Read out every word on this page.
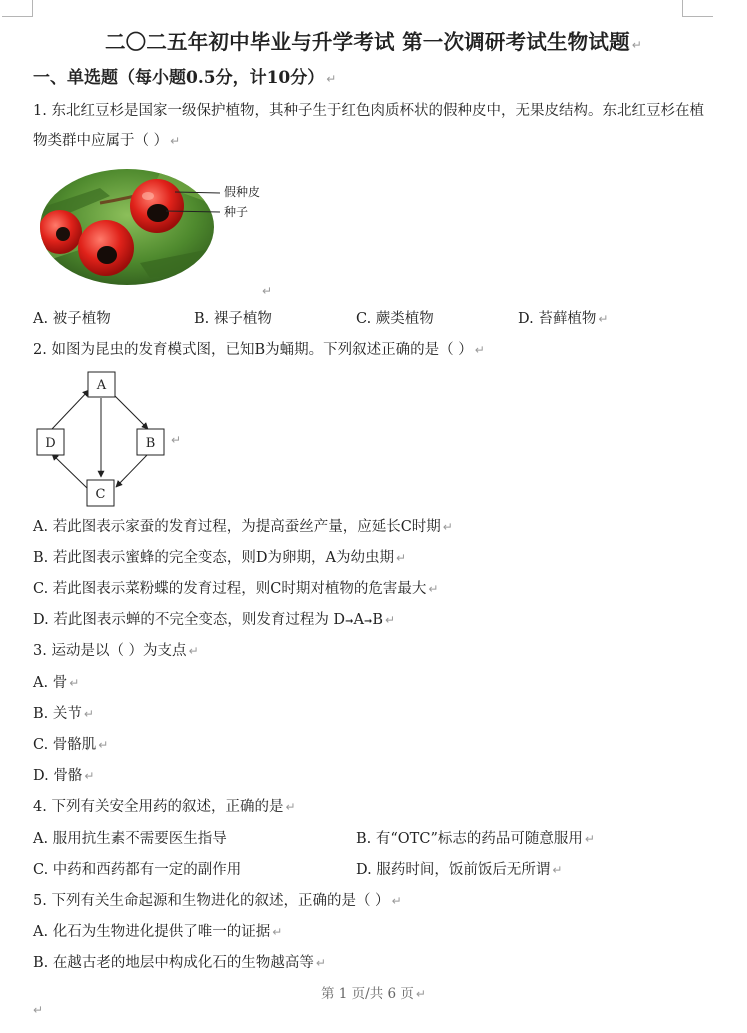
二〇二五年初中毕业与升学考试 第一次调研考试生物试题 ↵
一、单选题（每小题0.5分，计10分） ↵
1. 东北红豆杉是国家一级保护植物，其种子生于红色肉质杯状的假种皮中，无果皮结构。东北红豆杉在植
物类群中应属于（ ） ↵
假种皮
种子
↵
A. 被子植物	B. 裸子植物	C. 蕨类植物	D. 苔藓植物 ↵
2. 如图为昆虫的发育模式图，已知B为蛹期。下列叙述正确的是（ ） ↵
A
B
C
D	↵
A. 若此图表示家蚕的发育过程，为提高蚕丝产量，应延长C时期 ↵
B. 若此图表示蜜蜂的完全变态，则D为卵期，A为幼虫期 ↵
C. 若此图表示菜粉蝶的发育过程，则C时期对植物的危害最大 ↵
D. 若此图表示蝉的不完全变态，则发育过程为 D➞A➞B ↵
3. 运动是以（ ）为支点 ↵
A. 骨 ↵
B. 关节 ↵
C. 骨骼肌 ↵
D. 骨骼 ↵
4. 下列有关安全用药的叙述，正确的是 ↵
A. 服用抗生素不需要医生指导	B. 有“OTC”标志的药品可随意服用 ↵
C. 中药和西药都有一定的副作用	D. 服药时间，饭前饭后无所谓 ↵
5. 下列有关生命起源和生物进化的叙述，正确的是（ ） ↵
A. 化石为生物进化提供了唯一的证据 ↵
B. 在越古老的地层中构成化石的生物越高等 ↵
第 1 页/共 6 页 ↵
↵
